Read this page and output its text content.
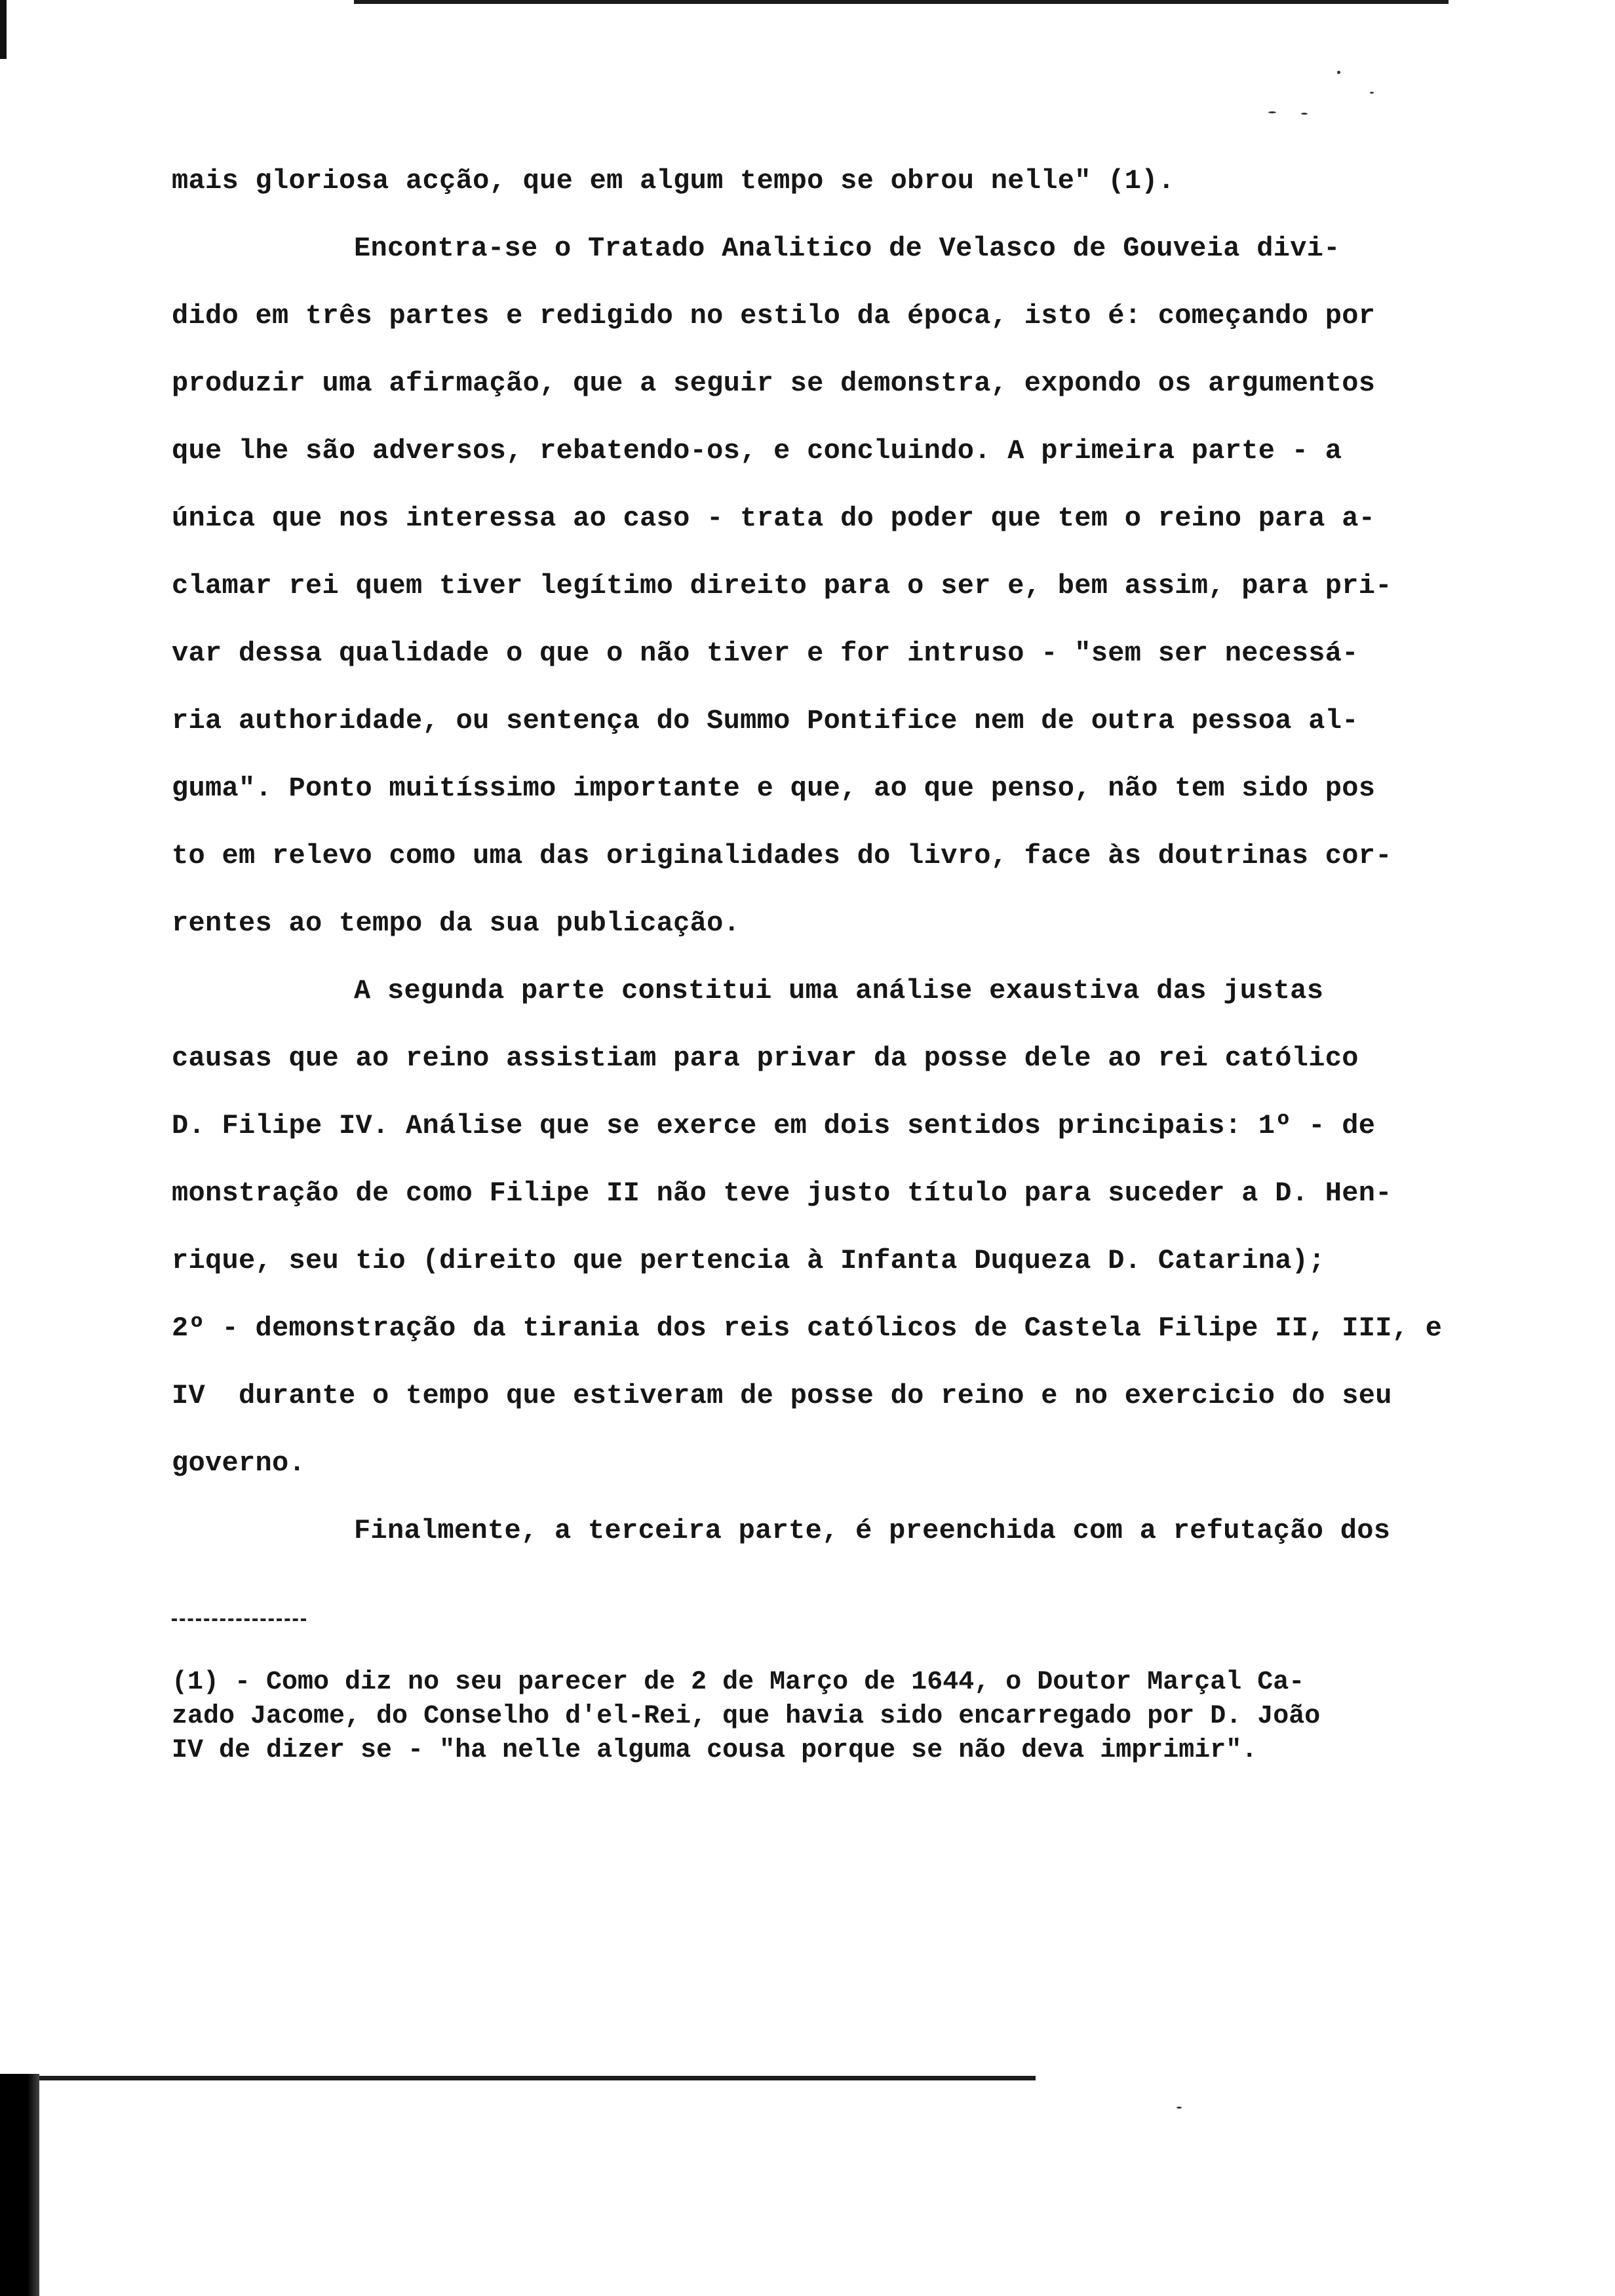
mais gloriosa acção, que em algum tempo se obrou nelle" (1).
Encontra-se o Tratado Analitico de Velasco de Gouveia divi-
dido em três partes e redigido no estilo da época, isto é: começando por
produzir uma afirmação, que a seguir se demonstra, expondo os argumentos
que lhe são adversos, rebatendo-os, e concluindo. A primeira parte - a
única que nos interessa ao caso - trata do poder que tem o reino para a-
clamar rei quem tiver legítimo direito para o ser e, bem assim, para pri-
var dessa qualidade o que o não tiver e for intruso - "sem ser necessá-
ria authoridade, ou sentença do Summo Pontifice nem de outra pessoa al-
guma". Ponto muitíssimo importante e que, ao que penso, não tem sido pos
to em relevo como uma das originalidades do livro, face às doutrinas cor-
rentes ao tempo da sua publicação.
A segunda parte constitui uma análise exaustiva das justas
causas que ao reino assistiam para privar da posse dele ao rei católico
D. Filipe IV. Análise que se exerce em dois sentidos principais: 1º - de
monstração de como Filipe II não teve justo título para suceder a D. Hen-
rique, seu tio (direito que pertencia à Infanta Duqueza D. Catarina);
2º - demonstração da tirania dos reis católicos de Castela Filipe II, III, e
IV  durante o tempo que estiveram de posse do reino e no exercicio do seu
governo.
Finalmente, a terceira parte, é preenchida com a refutação dos
(1) - Como diz no seu parecer de 2 de Março de 1644, o Doutor Marçal Ca-
zado Jacome, do Conselho d'el-Rei, que havia sido encarregado por D. João
IV de dizer se - "ha nelle alguma cousa porque se não deva imprimir".
